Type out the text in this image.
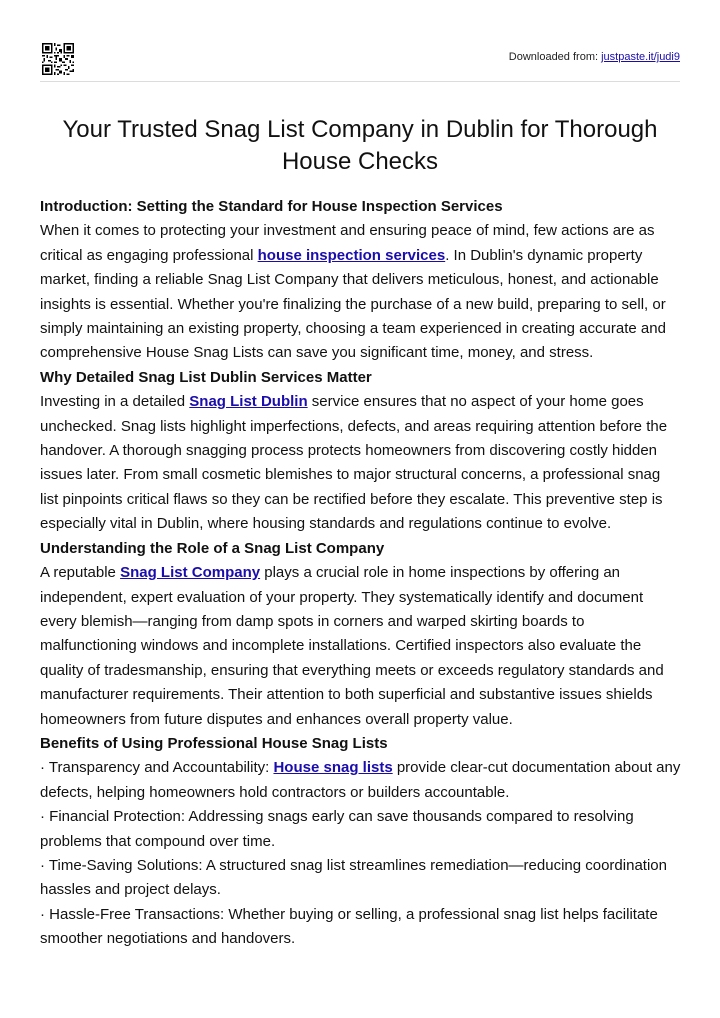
Downloaded from: justpaste.it/judi9
Your Trusted Snag List Company in Dublin for Thorough House Checks
Introduction: Setting the Standard for House Inspection Services

When it comes to protecting your investment and ensuring peace of mind, few actions are as critical as engaging professional house inspection services. In Dublin's dynamic property market, finding a reliable Snag List Company that delivers meticulous, honest, and actionable insights is essential. Whether you're finalizing the purchase of a new build, preparing to sell, or simply maintaining an existing property, choosing a team experienced in creating accurate and comprehensive House Snag Lists can save you significant time, money, and stress.

Why Detailed Snag List Dublin Services Matter

Investing in a detailed Snag List Dublin service ensures that no aspect of your home goes unchecked. Snag lists highlight imperfections, defects, and areas requiring attention before the handover. A thorough snagging process protects homeowners from discovering costly hidden issues later. From small cosmetic blemishes to major structural concerns, a professional snag list pinpoints critical flaws so they can be rectified before they escalate. This preventive step is especially vital in Dublin, where housing standards and regulations continue to evolve.

Understanding the Role of a Snag List Company

A reputable Snag List Company plays a crucial role in home inspections by offering an independent, expert evaluation of your property. They systematically identify and document every blemish—ranging from damp spots in corners and warped skirting boards to malfunctioning windows and incomplete installations. Certified inspectors also evaluate the quality of tradesmanship, ensuring that everything meets or exceeds regulatory standards and manufacturer requirements. Their attention to both superficial and substantive issues shields homeowners from future disputes and enhances overall property value.

Benefits of Using Professional House Snag Lists

· Transparency and Accountability: House snag lists provide clear-cut documentation about any defects, helping homeowners hold contractors or builders accountable.

· Financial Protection: Addressing snags early can save thousands compared to resolving problems that compound over time.

· Time-Saving Solutions: A structured snag list streamlines remediation—reducing coordination hassles and project delays.

· Hassle-Free Transactions: Whether buying or selling, a professional snag list helps facilitate smoother negotiations and handovers.
